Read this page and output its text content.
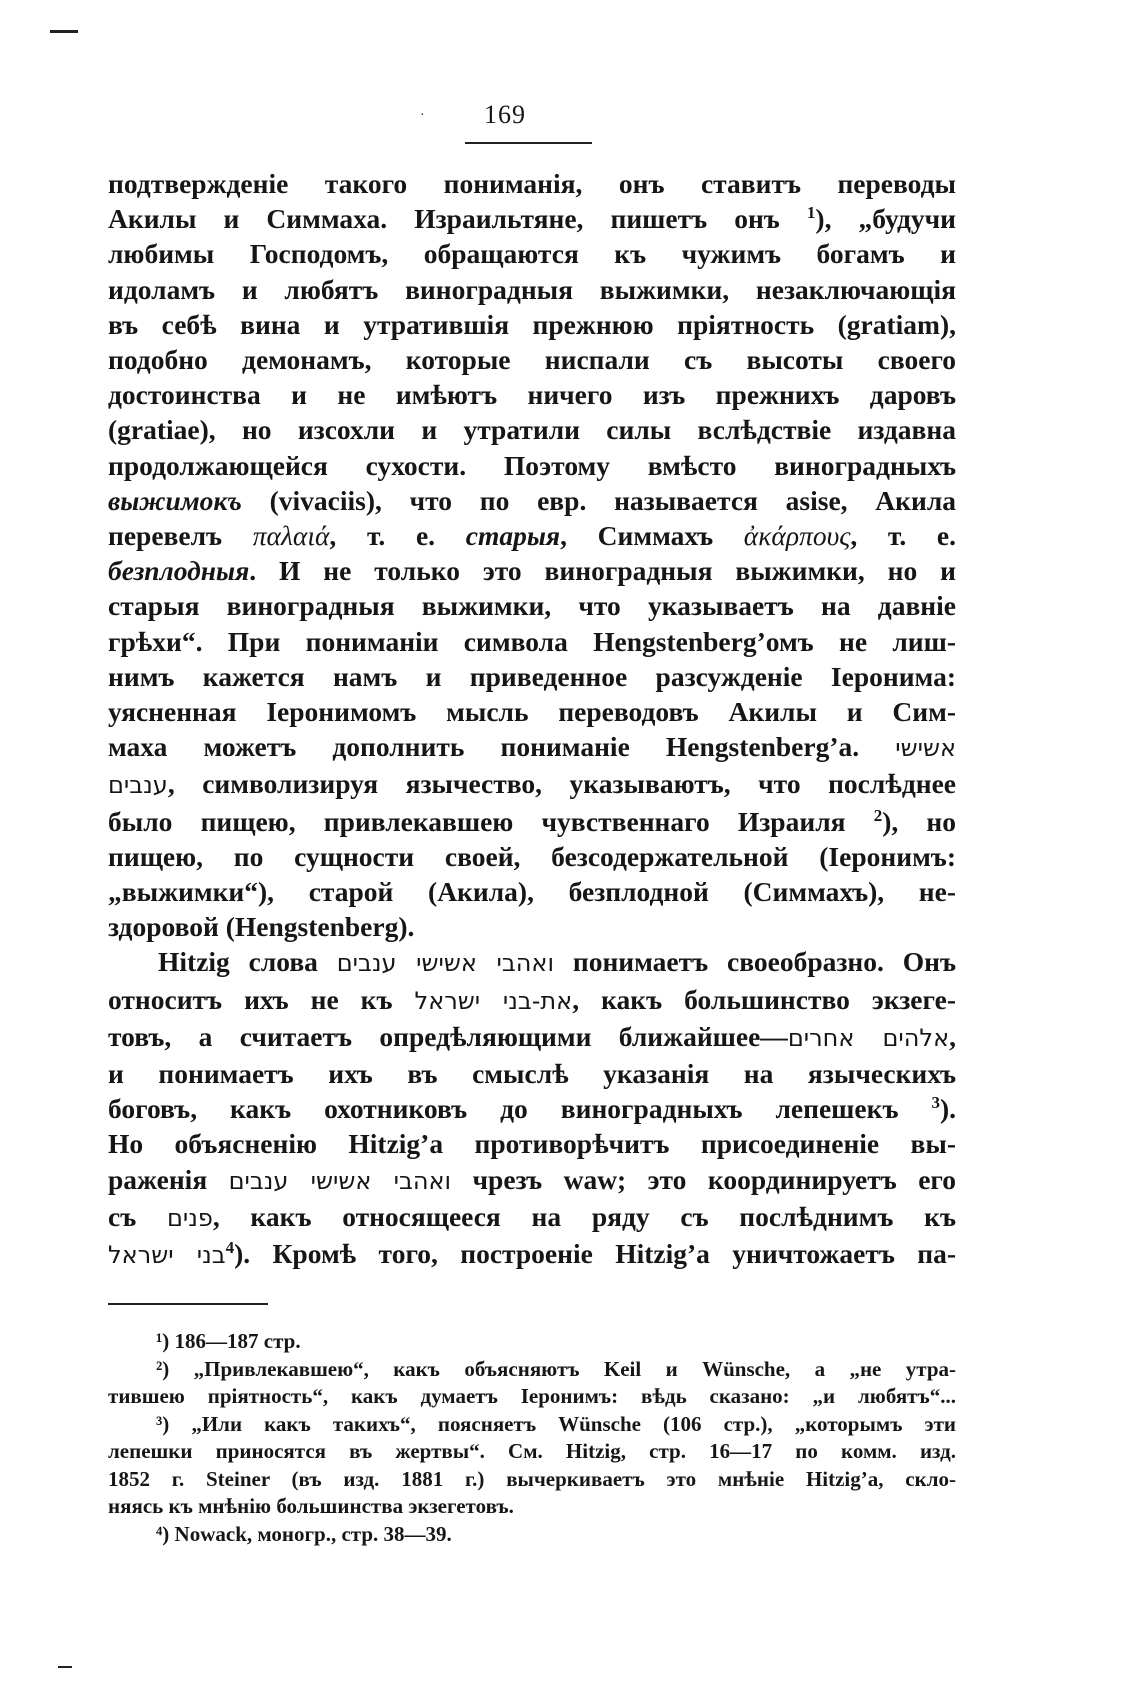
· 169
подтвержденіе такого пониманія, онъ ставитъ переводы
Акилы и Симмаха. Израильтяне, пишетъ онъ $^1$), „будучи
любимы Господомъ, обращаются къ чужимъ богамъ и
идоламъ и любятъ виноградныя выжимки, незаключающія
въ себѣ вина и утратившія прежнюю пріятность (gratiam),
подобно демонамъ, которые ниспали съ высоты своего
достоинства и не имѣютъ ничего изъ прежнихъ даровъ
(gratiae), но изсохли и утратили силы вслѣдствіе издавна
продолжающейся сухости. Поэтому вмѣсто виноградныхъ
выжимокъ (vivaciis), что по евр. называется asise, Акила
перевелъ παλαιά, т. е. старыя, Симмахъ ἀκάρπους, т. е.
безплодныя. И не только это виноградныя выжимки, но и
старыя виноградныя выжимки, что указываетъ на давніе
грѣхи“. При пониманіи символа Hengstenberg’омъ не лиш-
нимъ кажется намъ и приведенное разсужденіе Іеронима:
уясненная Іеронимомъ мысль переводовъ Акилы и Сим-
маха можетъ дополнить пониманіе Hengstenberg’а. אשישי
ענבים, символизируя язычество, указываютъ, что послѣднее
было пищею, привлекавшею чувственнаго Израиля $^2$), но
пищею, по сущности своей, безсодержательной (Іеронимъ:
„выжимки“), старой (Акила), безплодной (Симмахъ), не-
здоровой (Hengstenberg).
Hitzig слова ואהבי אשישי ענבים понимаетъ своеобразно. Онъ
относитъ ихъ не къ את-בני ישראל, какъ большинство экзеге-
товъ, а считаетъ опредѣляющими ближайшее—אלהים אחרים,
и понимаетъ ихъ въ смыслѣ указанія на языческихъ
боговъ, какъ охотниковъ до виноградныхъ лепешекъ $^3$).
Но объясненію Hitzig’а противорѣчитъ присоединеніе вы-
раженія ואהבי אשישי ענבים чрезъ waw; это координируетъ его
съ פנים, какъ относящееся на ряду съ послѣднимъ къ
בני ישראל$^4$). Кромѣ того, построеніе Hitzig’а уничтожаетъ па-
¹) 186—187 стр.
²) „Привлекавшею“, какъ объясняютъ Keil и Wünsche, а „не утра-
тившею пріятность“, какъ думаетъ Іеронимъ: вѣдь сказано: „и любятъ“...
³) „Или какъ такихъ“, поясняетъ Wünsche (106 стр.), „которымъ эти
лепешки приносятся въ жертвы“. См. Hitzig, стр. 16—17 по комм. изд.
1852 г. Steiner (въ изд. 1881 г.) вычеркиваетъ это мнѣніе Hitzig’а, скло-
няясь къ мнѣнію большинства экзегетовъ.
⁴) Nowack, моногр., стр. 38—39.
